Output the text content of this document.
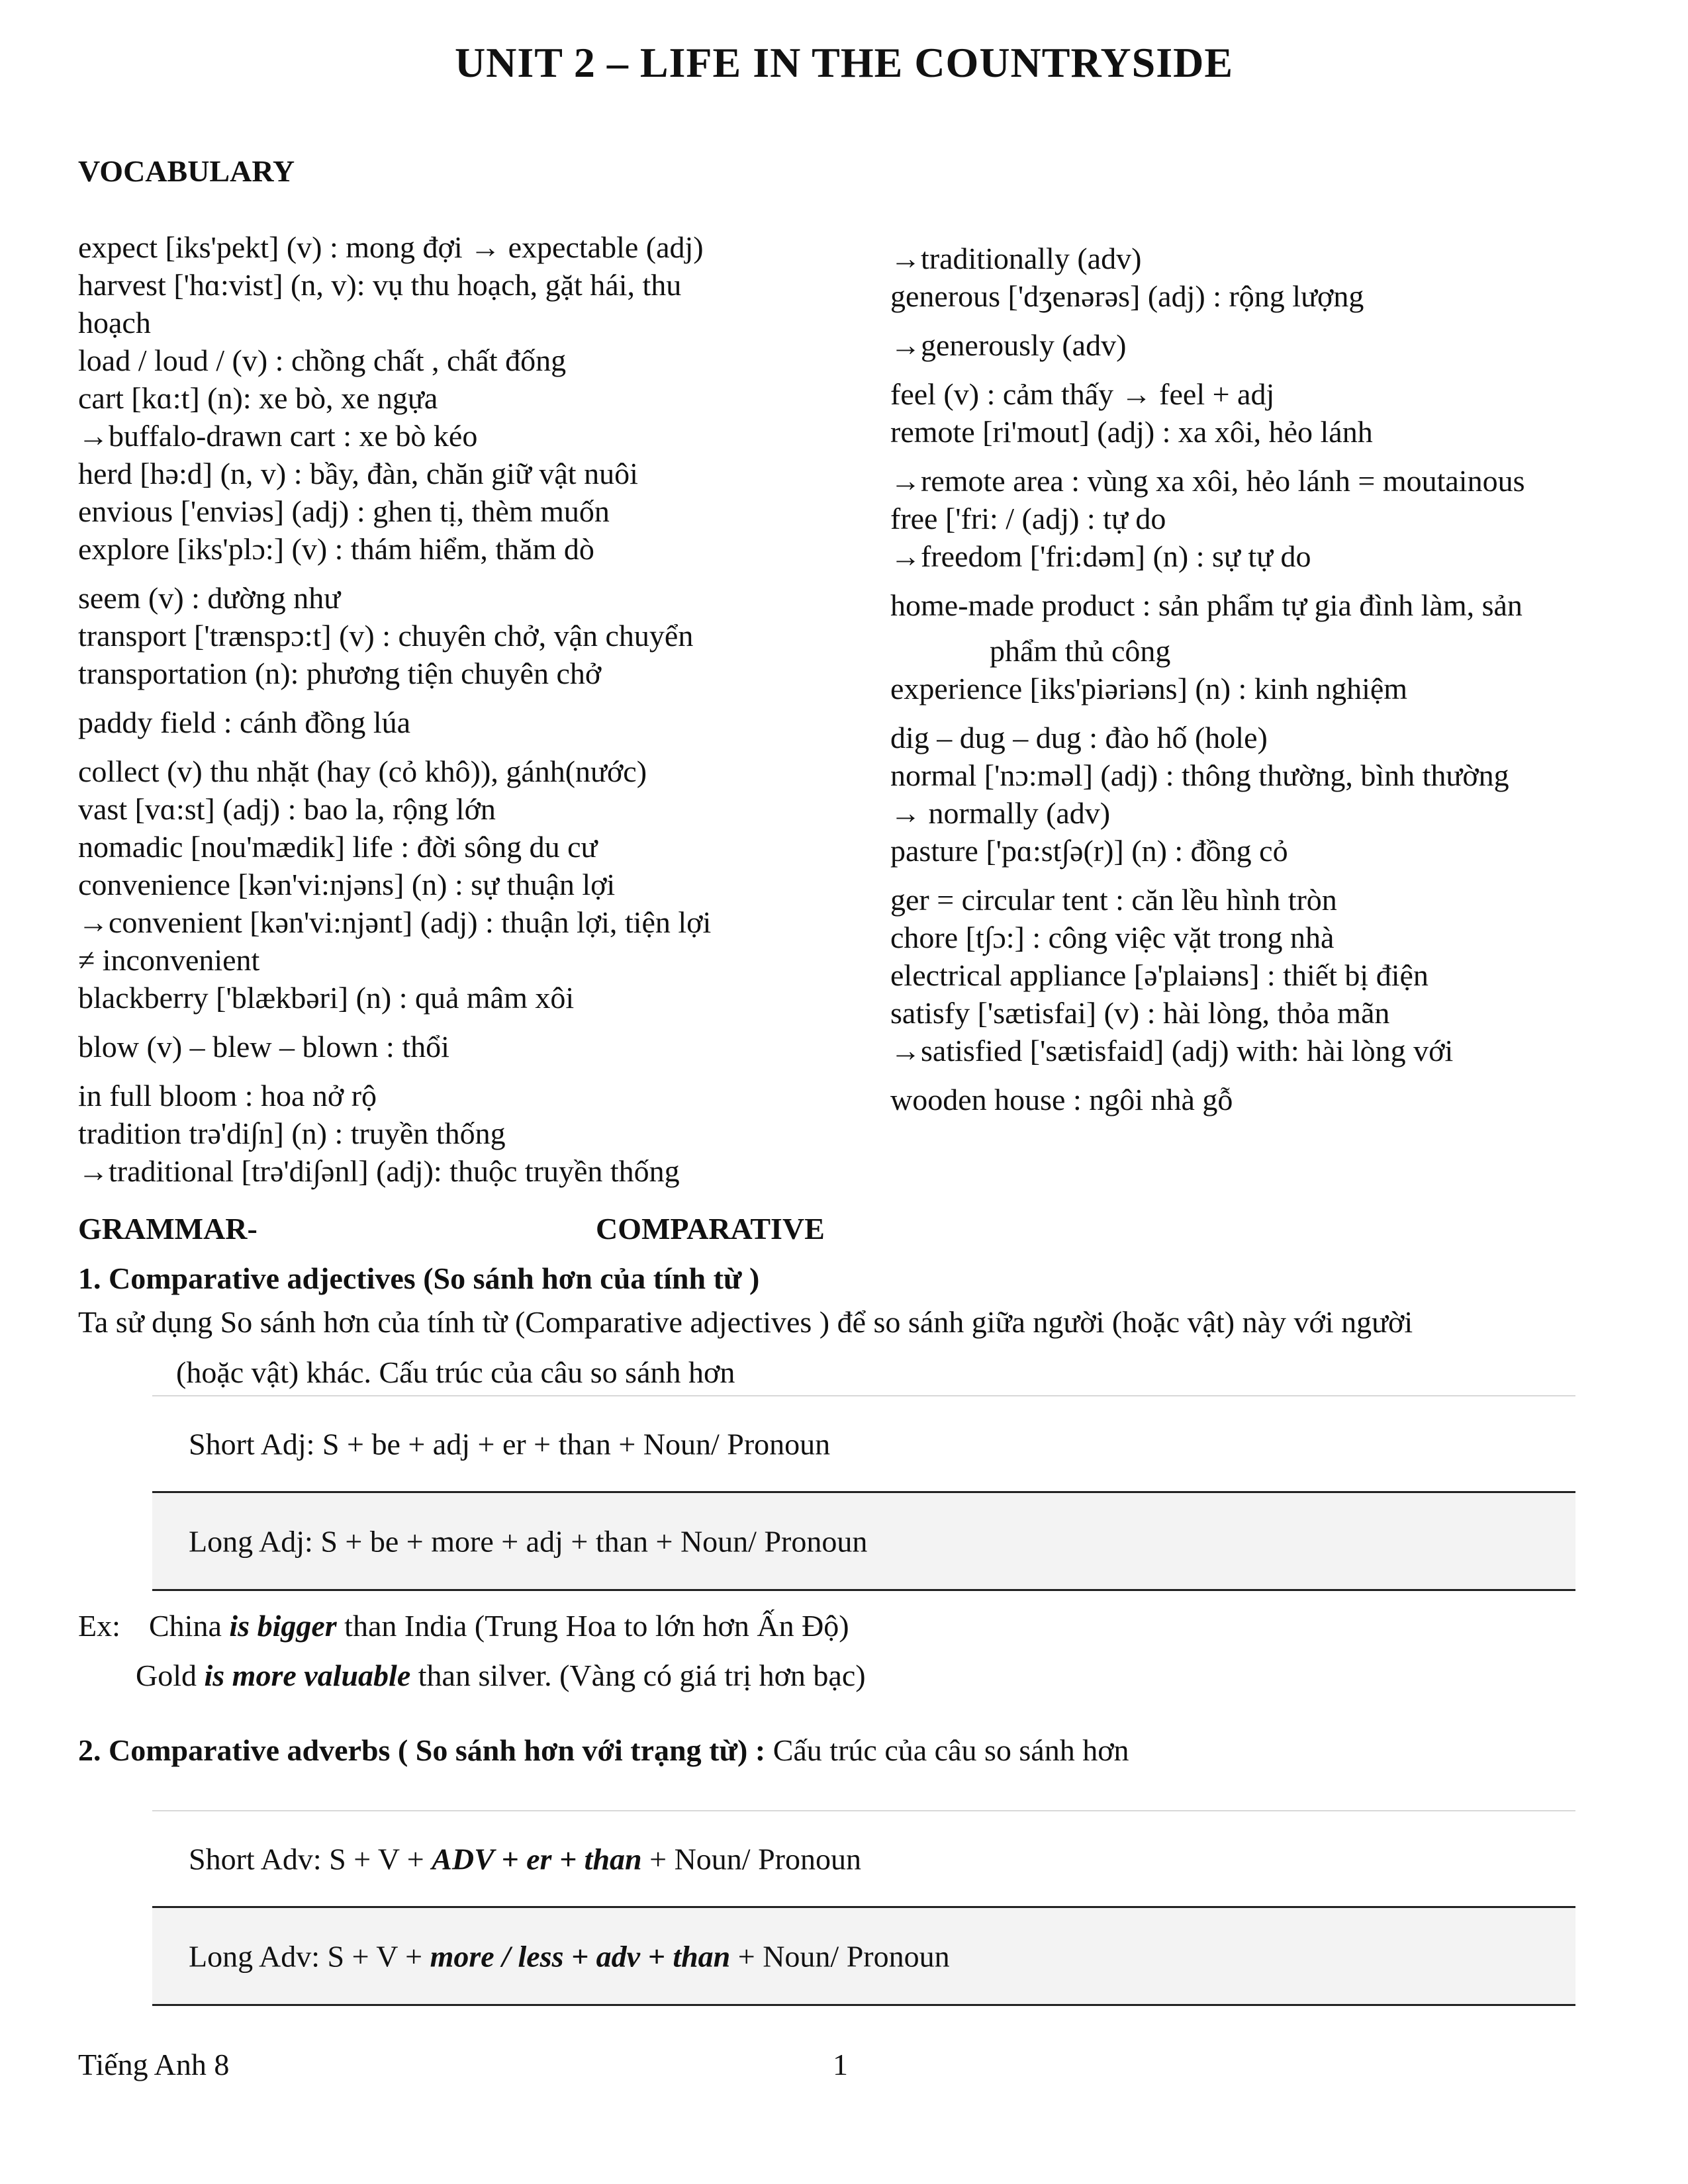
UNIT 2 – LIFE IN THE COUNTRYSIDE
VOCABULARY
expect [iks'pekt] (v) : mong đợi → expectable (adj)
harvest ['hɑ:vist] (n, v): vụ thu hoạch, gặt hái, thu
hoạch
load / loud / (v) : chồng chất , chất đống
cart [kɑ:t] (n): xe bò, xe ngựa
→buffalo-drawn cart : xe bò kéo
herd [hə:d] (n, v) : bầy, đàn, chăn giữ vật nuôi
envious ['enviəs] (adj) : ghen tị, thèm muốn
explore [iks'plɔ:] (v) : thám hiểm, thăm dò
seem (v) : dường như
transport ['trænspɔ:t] (v) : chuyên chở, vận chuyển
transportation (n): phương tiện chuyên chở
paddy field : cánh đồng lúa
collect (v) thu nhặt (hay (cỏ khô)), gánh(nước)
vast [vɑ:st] (adj) : bao la, rộng lớn
nomadic [nou'mædik] life : đời sông du cư
convenience [kən'vi:njəns] (n) : sự thuận lợi
→convenient [kən'vi:njənt] (adj) : thuận lợi, tiện lợi
≠ inconvenient
blackberry ['blækbəri] (n) : quả mâm xôi
blow (v) – blew – blown : thổi
in full bloom : hoa nở rộ
tradition trə'di∫n] (n) : truyền thống
→traditional [trə'di∫ənl] (adj): thuộc truyền thống
→traditionally (adv)
generous ['dʒenərəs] (adj) : rộng lượng
→generously (adv)
feel (v) : cảm thấy → feel + adj
remote [ri'mout] (adj) : xa xôi, hẻo lánh
→remote area : vùng xa xôi, hẻo lánh = moutainous
free ['fri: / (adj) : tự do
→freedom ['fri:dəm] (n) : sự tự do
home-made product : sản phẩm tự gia đình làm, sản
phẩm thủ công
experience [iks'piəriəns] (n) : kinh nghiệm
dig – dug – dug : đào hố (hole)
normal ['nɔ:məl] (adj) : thông thường, bình thường
→ normally (adv)
pasture ['pɑ:st∫ə(r)] (n) : đồng cỏ
ger = circular tent : căn lều hình tròn
chore [t∫ɔ:] : công việc vặt trong nhà
electrical appliance [ə'plaiəns] : thiết bị điện
satisfy ['sætisfai] (v) : hài lòng, thỏa mãn
→satisfied ['sætisfaid] (adj) with: hài lòng với
wooden house : ngôi nhà gỗ
GRAMMAR-	COMPARATIVE
1. Comparative adjectives (So sánh hơn của tính từ )
Ta sử dụng So sánh hơn của tính từ (Comparative adjectives ) để so sánh giữa người (hoặc vật) này với người
(hoặc vật) khác. Cấu trúc của câu so sánh hơn
Short Adj: S + be + adj + er + than + Noun/ Pronoun
Long Adj: S + be + more + adj + than + Noun/ Pronoun
Ex: China is bigger than India (Trung Hoa to lớn hơn Ấn Độ)
Gold is more valuable than silver. (Vàng có giá trị hơn bạc)
2. Comparative adverbs ( So sánh hơn với trạng từ) : Cấu trúc của câu so sánh hơn
Short Adv: S + V + ADV + er + than + Noun/ Pronoun
Long Adv: S + V + more / less + adv + than + Noun/ Pronoun
Tiếng Anh 8	1
